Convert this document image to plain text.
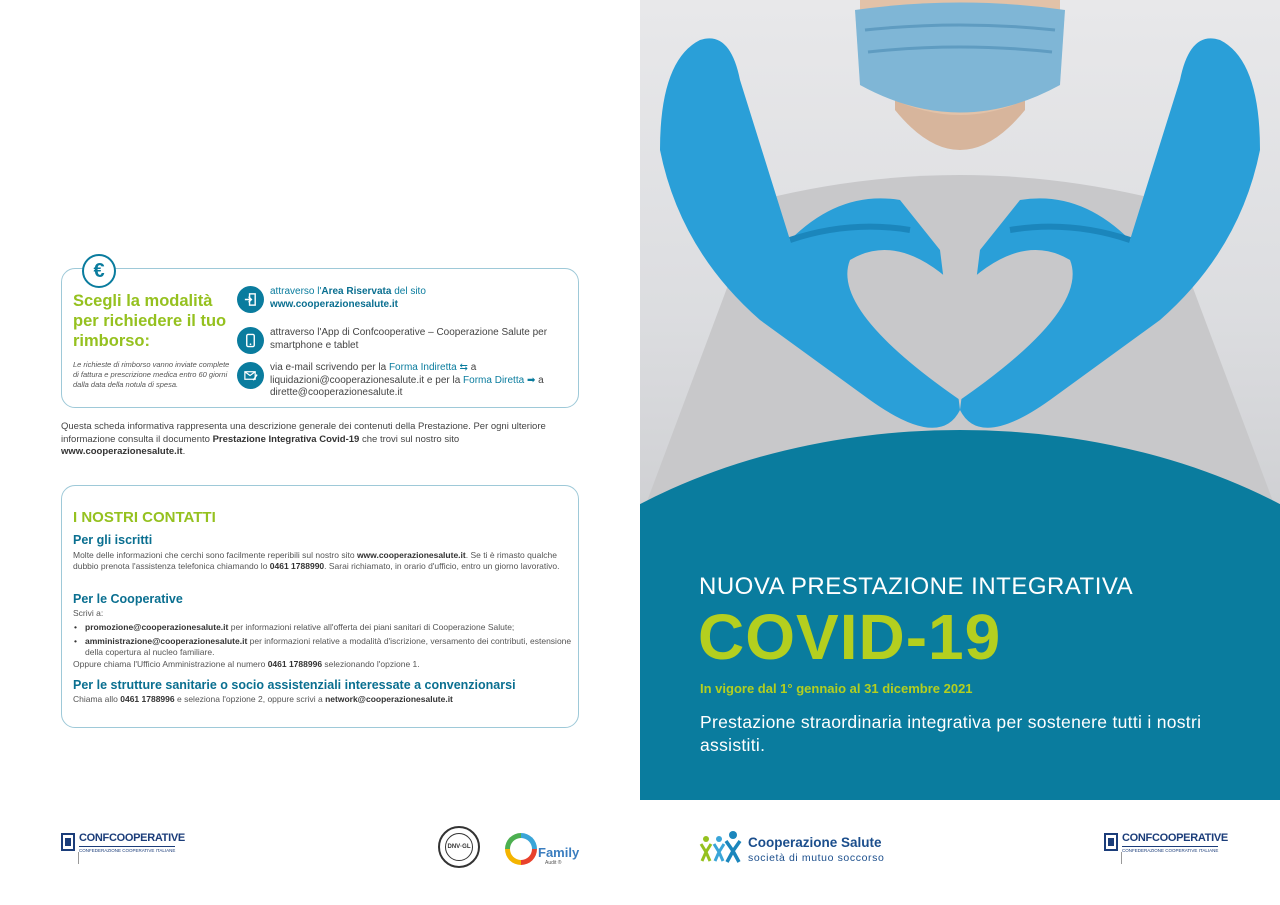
€
Scegli la modalità per richiedere il tuo rimborso:
Le richieste di rimborso vanno inviate complete di fattura e prescrizione medica entro 60 giorni dalla data della notula di spesa.
attraverso l'Area Riservata del sito
www.cooperazionesalute.it
attraverso l'App di Confcooperative – Cooperazione Salute per smartphone e tablet
via e-mail scrivendo per la Forma Indiretta ⇆ a liquidazioni@cooperazionesalute.it e per la Forma Diretta ➡ a dirette@cooperazionesalute.it
Questa scheda informativa rappresenta una descrizione generale dei contenuti della Prestazione. Per ogni ulteriore informazione consulta il documento Prestazione Integrativa Covid-19 che trovi sul nostro sito www.cooperazionesalute.it.
I NOSTRI CONTATTI
Per gli iscritti
Molte delle informazioni che cerchi sono facilmente reperibili sul nostro sito www.cooperazionesalute.it. Se ti è rimasto qualche dubbio prenota l'assistenza telefonica chiamando lo 0461 1788990. Sarai richiamato, in orario d'ufficio, entro un giorno lavorativo.
Per le Cooperative
Scrivi a:
• promozione@cooperazionesalute.it per informazioni relative all'offerta dei piani sanitari di Cooperazione Salute;
• amministrazione@cooperazionesalute.it per informazioni relative a modalità d'iscrizione, versamento dei contributi, estensione della copertura al nucleo familiare.
Oppure chiama l'Ufficio Amministrazione al numero 0461 1788996 selezionando l'opzione 1.
Per le strutture sanitarie o socio assistenziali interessate a convenzionarsi
Chiama allo 0461 1788996 e seleziona l'opzione 2, oppure scrivi a network@cooperazionesalute.it
CONFCOOPERATIVE
CONFEDERAZIONE COOPERATIVE ITALIANE
DNV·GL	Family
Audit ®
NUOVA PRESTAZIONE INTEGRATIVA
COVID-19
In vigore dal 1° gennaio al 31 dicembre 2021
Prestazione straordinaria integrativa per sostenere tutti i nostri assistiti.
Cooperazione Salute
società di mutuo soccorso
CONFCOOPERATIVE
CONFEDERAZIONE COOPERATIVE ITALIANE
